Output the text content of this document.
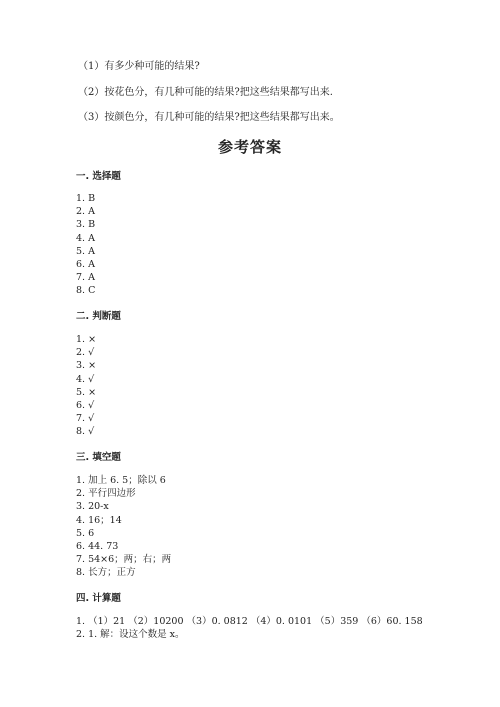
（1）有多少种可能的结果?
（2）按花色分，有几种可能的结果?把这些结果都写出来.
（3）按颜色分，有几种可能的结果?把这些结果都写出来。
参考答案
一. 选择题
1. B
2. A
3. B
4. A
5. A
6. A
7. A
8. C
二. 判断题
1. ×
2. √
3. ×
4. √
5. ×
6. √
7. √
8. √
三. 填空题
1. 加上 6. 5；除以 6
2. 平行四边形
3. 20-x
4. 16；14
5. 6
6. 44. 73
7. 54×6；两；右；两
8. 长方；正方
四. 计算题
1. （1）21 （2）10200 （3）0. 0812 （4）0. 0101 （5）359 （6）60. 158
2. 1. 解：设这个数是 x。
